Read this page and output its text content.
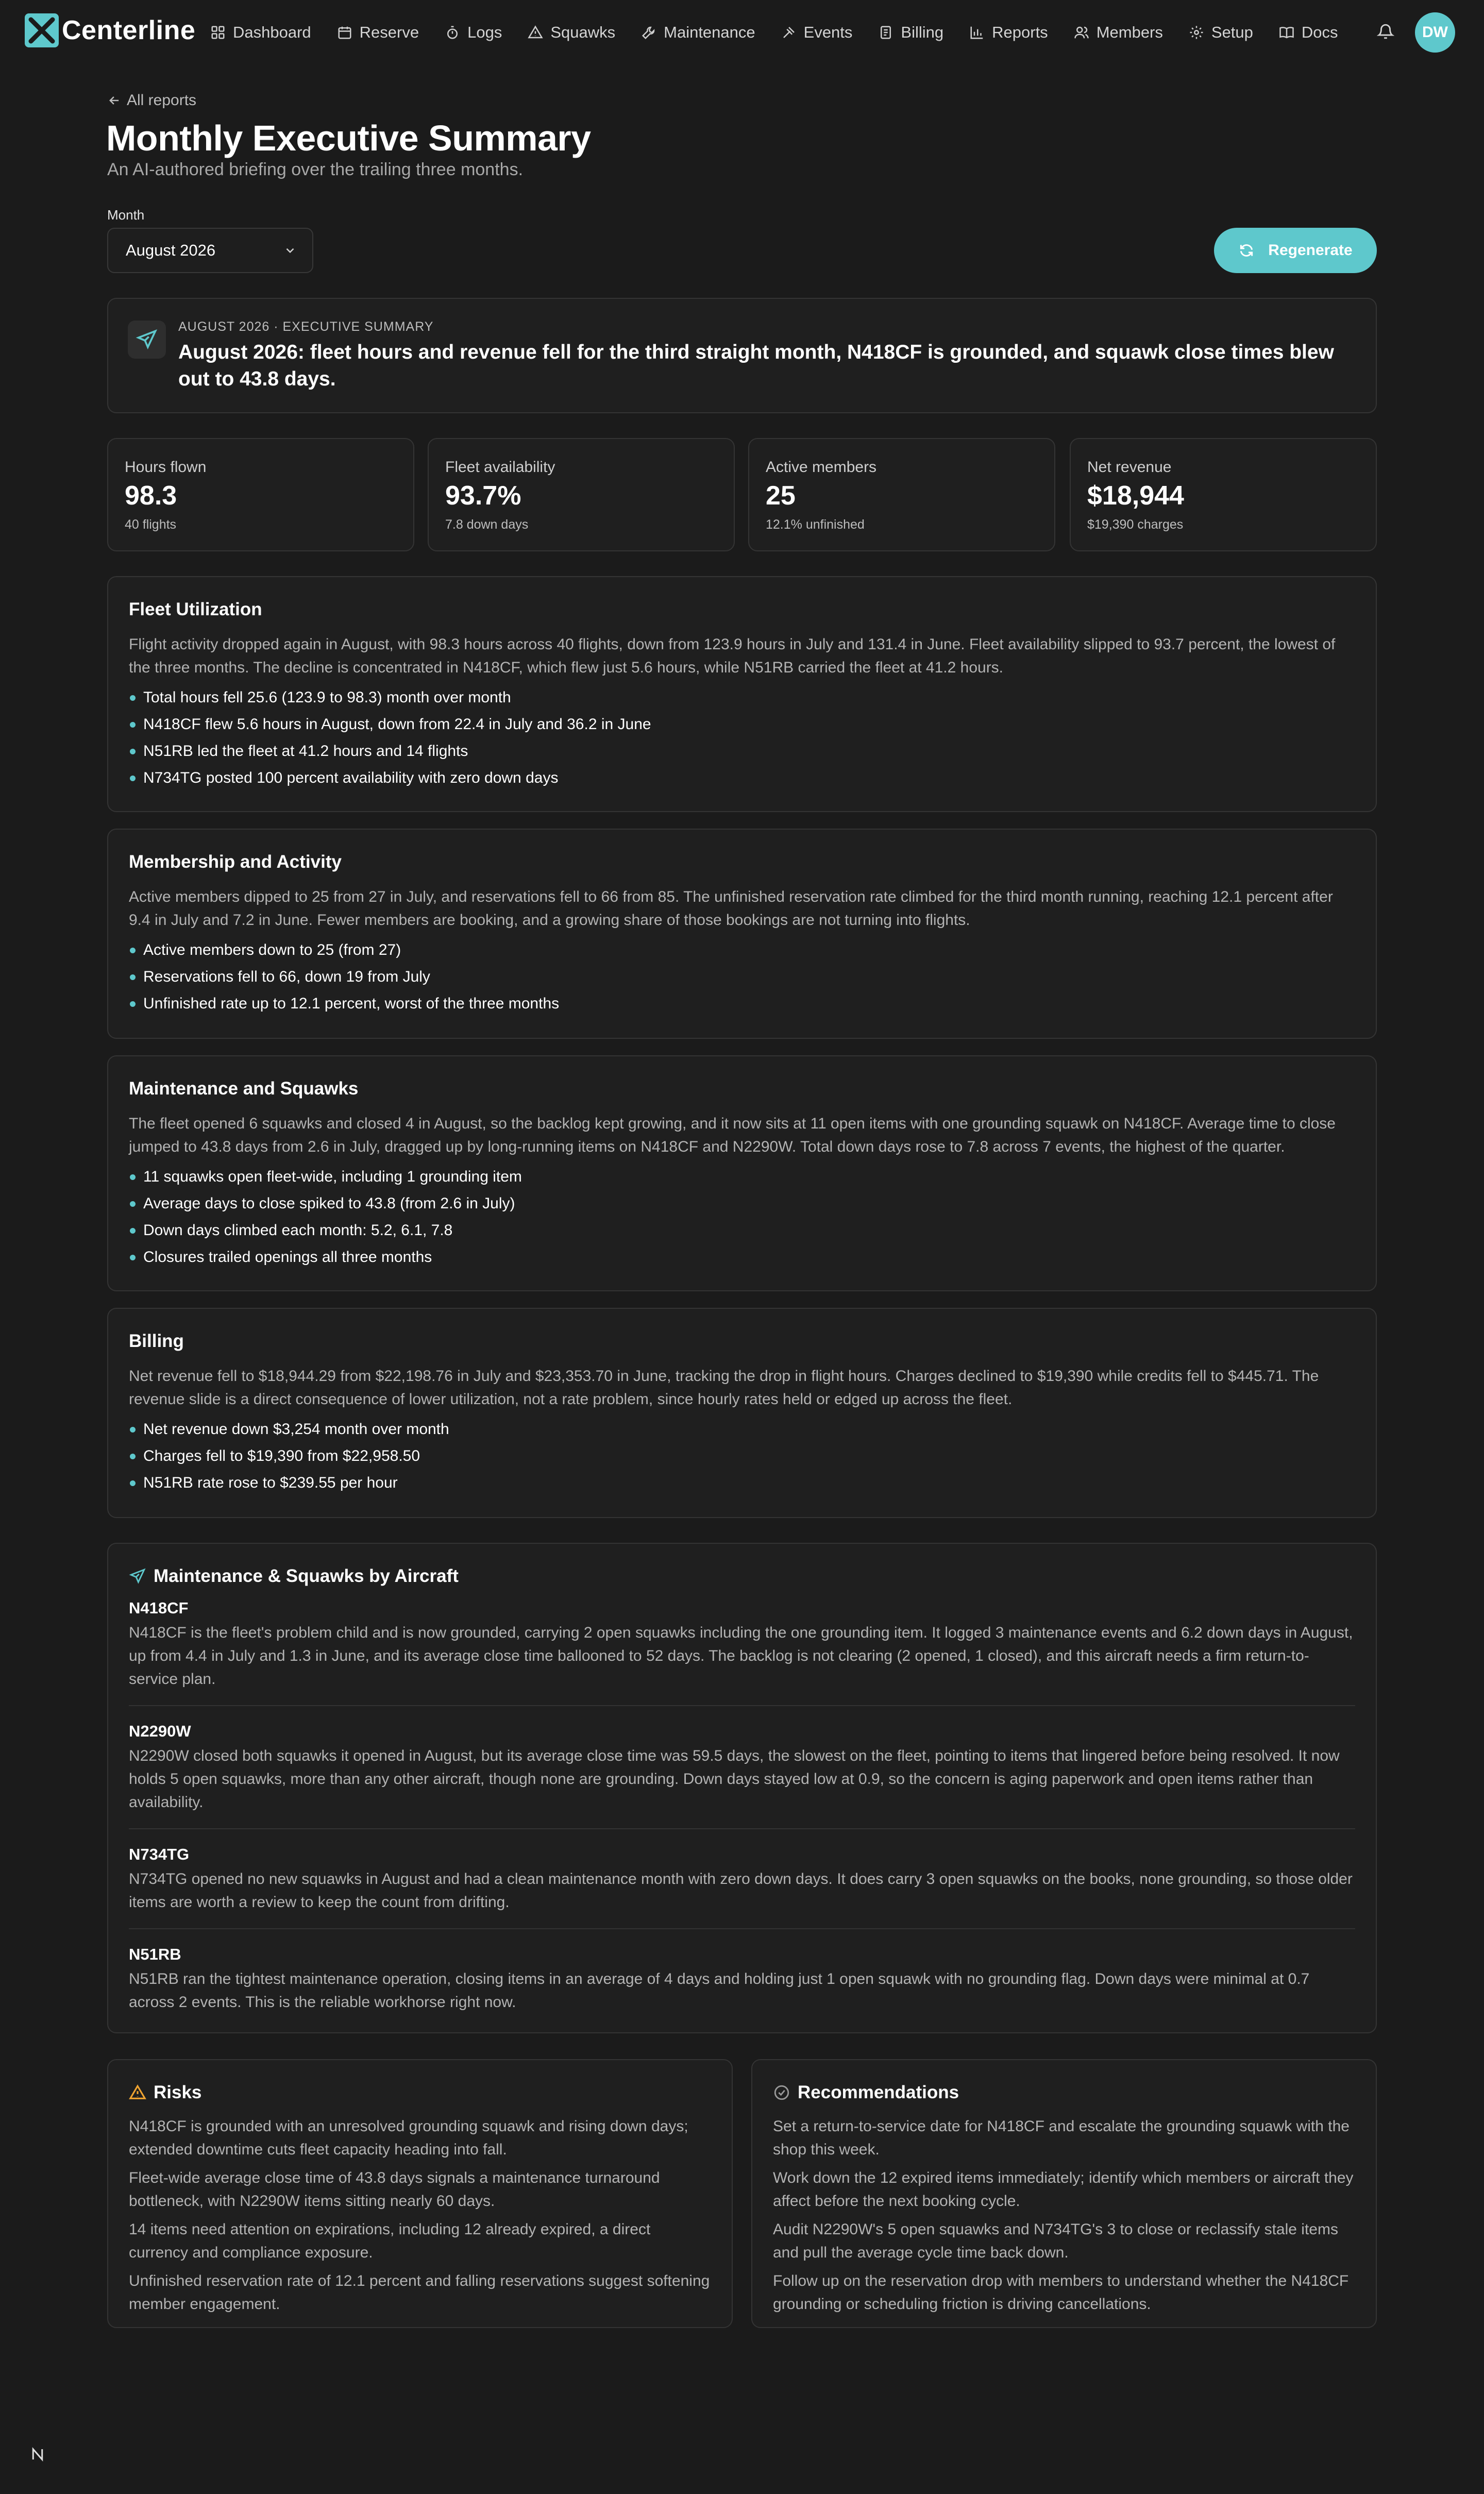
Centerline Dashboard	Reserve	Logs	Squawks	Maintenance	Events	Billing	Reports	Members	Setup	Docs	DW
All reports
Monthly Executive Summary
An AI-authored briefing over the trailing three months.
Month
August 2026	Regenerate
AUGUST 2026 · EXECUTIVE SUMMARY
August 2026: fleet hours and revenue fell for the third straight month, N418CF is grounded, and squawk close times blew out to 43.8 days.
Hours flown
98.3
40 flights
Fleet availability
93.7%
7.8 down days
Active members
25
12.1% unfinished
Net revenue
$18,944
$19,390 charges
Fleet Utilization

Flight activity dropped again in August, with 98.3 hours across 40 flights, down from 123.9 hours in July and 131.4 in June. Fleet availability slipped to 93.7 percent, the lowest of the three months. The decline is concentrated in N418CF, which flew just 5.6 hours, while N51RB carried the fleet at 41.2 hours.

Total hours fell 25.6 (123.9 to 98.3) month over month
N418CF flew 5.6 hours in August, down from 22.4 in July and 36.2 in June
N51RB led the fleet at 41.2 hours and 14 flights
N734TG posted 100 percent availability with zero down days
Membership and Activity

Active members dipped to 25 from 27 in July, and reservations fell to 66 from 85. The unfinished reservation rate climbed for the third month running, reaching 12.1 percent after 9.4 in July and 7.2 in June. Fewer members are booking, and a growing share of those bookings are not turning into flights.

Active members down to 25 (from 27)
Reservations fell to 66, down 19 from July
Unfinished rate up to 12.1 percent, worst of the three months
Maintenance and Squawks

The fleet opened 6 squawks and closed 4 in August, so the backlog kept growing, and it now sits at 11 open items with one grounding squawk on N418CF. Average time to close jumped to 43.8 days from 2.6 in July, dragged up by long-running items on N418CF and N2290W. Total down days rose to 7.8 across 7 events, the highest of the quarter.

11 squawks open fleet-wide, including 1 grounding item
Average days to close spiked to 43.8 (from 2.6 in July)
Down days climbed each month: 5.2, 6.1, 7.8
Closures trailed openings all three months
Billing

Net revenue fell to $18,944.29 from $22,198.76 in July and $23,353.70 in June, tracking the drop in flight hours. Charges declined to $19,390 while credits fell to $445.71. The revenue slide is a direct consequence of lower utilization, not a rate problem, since hourly rates held or edged up across the fleet.

Net revenue down $3,254 month over month
Charges fell to $19,390 from $22,958.50
N51RB rate rose to $239.55 per hour
Maintenance & Squawks by Aircraft
N418CF
N418CF is the fleet's problem child and is now grounded, carrying 2 open squawks including the one grounding item. It logged 3 maintenance events and 6.2 down days in August, up from 4.4 in July and 1.3 in June, and its average close time ballooned to 52 days. The backlog is not clearing (2 opened, 1 closed), and this aircraft needs a firm return-to-service plan.
N2290W
N2290W closed both squawks it opened in August, but its average close time was 59.5 days, the slowest on the fleet, pointing to items that lingered before being resolved. It now holds 5 open squawks, more than any other aircraft, though none are grounding. Down days stayed low at 0.9, so the concern is aging paperwork and open items rather than availability.
N734TG
N734TG opened no new squawks in August and had a clean maintenance month with zero down days. It does carry 3 open squawks on the books, none grounding, so those older items are worth a review to keep the count from drifting.
N51RB
N51RB ran the tightest maintenance operation, closing items in an average of 4 days and holding just 1 open squawk with no grounding flag. Down days were minimal at 0.7 across 2 events. This is the reliable workhorse right now.
Risks
N418CF is grounded with an unresolved grounding squawk and rising down days; extended downtime cuts fleet capacity heading into fall.
Fleet-wide average close time of 43.8 days signals a maintenance turnaround bottleneck, with N2290W items sitting nearly 60 days.
14 items need attention on expirations, including 12 already expired, a direct currency and compliance exposure.
Unfinished reservation rate of 12.1 percent and falling reservations suggest softening member engagement.
Recommendations
Set a return-to-service date for N418CF and escalate the grounding squawk with the shop this week.
Work down the 12 expired items immediately; identify which members or aircraft they affect before the next booking cycle.
Audit N2290W's 5 open squawks and N734TG's 3 to close or reclassify stale items and pull the average cycle time back down.
Follow up on the reservation drop with members to understand whether the N418CF grounding or scheduling friction is driving cancellations.
